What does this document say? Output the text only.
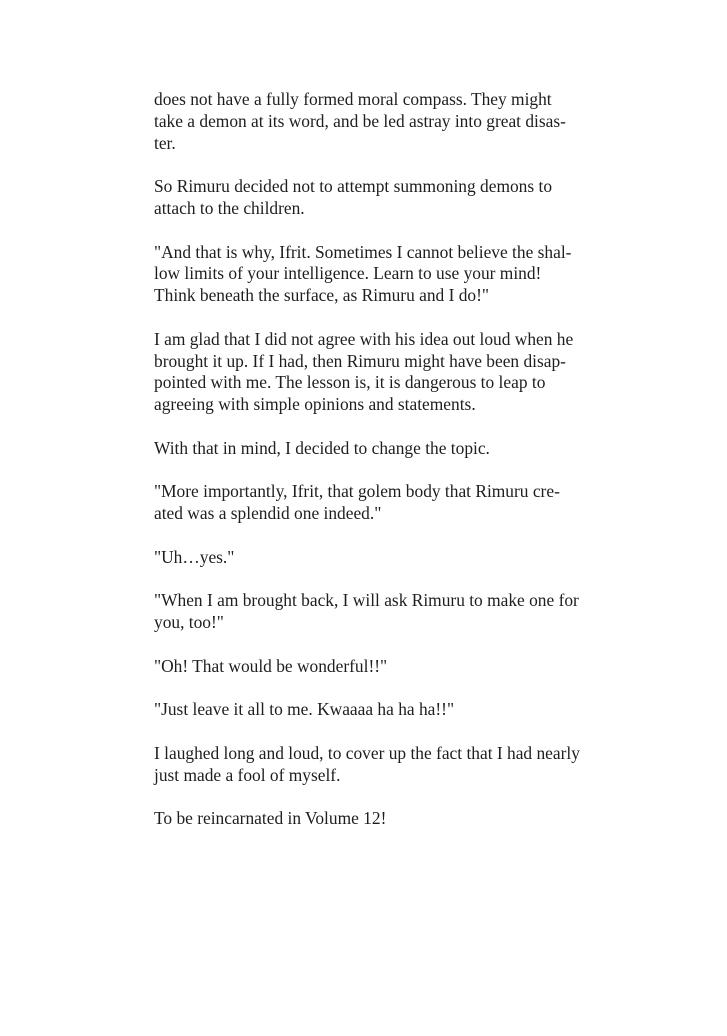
does not have a fully formed moral compass. They might
take a demon at its word, and be led astray into great disas-
ter.

So Rimuru decided not to attempt summoning demons to
attach to the children.

"And that is why, Ifrit. Sometimes I cannot believe the shal-
low limits of your intelligence. Learn to use your mind!
Think beneath the surface, as Rimuru and I do!"

I am glad that I did not agree with his idea out loud when he
brought it up. If I had, then Rimuru might have been disap-
pointed with me. The lesson is, it is dangerous to leap to
agreeing with simple opinions and statements.

With that in mind, I decided to change the topic.

"More importantly, Ifrit, that golem body that Rimuru cre-
ated was a splendid one indeed."

"Uh…yes."

"When I am brought back, I will ask Rimuru to make one for
you, too!"

"Oh! That would be wonderful!!"

"Just leave it all to me. Kwaaaa ha ha ha!!"

I laughed long and loud, to cover up the fact that I had nearly
just made a fool of myself.

To be reincarnated in Volume 12!
